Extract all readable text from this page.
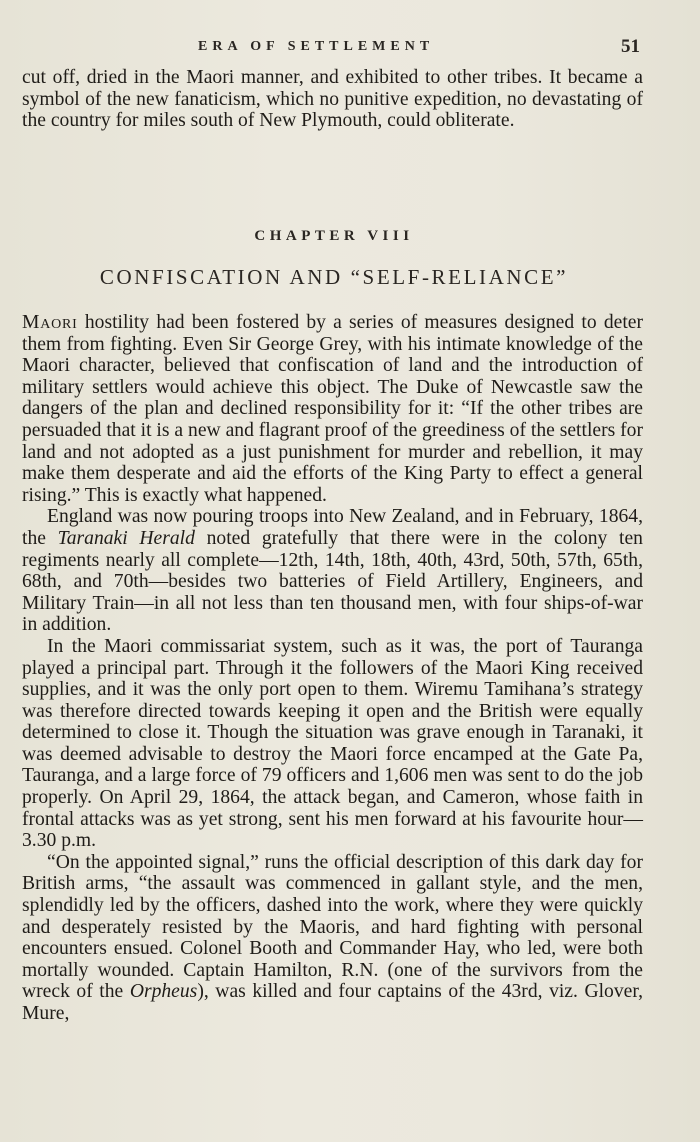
ERA OF SETTLEMENT	51

cut off, dried in the Maori manner, and exhibited to other tribes. It became a symbol of the new fanaticism, which no punitive expedition, no devastating of the country for miles south of New Plymouth, could obliterate.

CHAPTER VIII
CONFISCATION AND “SELF-RELIANCE”

Maori hostility had been fostered by a series of measures designed to deter them from fighting. Even Sir George Grey, with his intimate knowledge of the Maori character, believed that confiscation of land and the introduction of military settlers would achieve this object. The Duke of Newcastle saw the dangers of the plan and declined responsibility for it: “If the other tribes are persuaded that it is a new and flagrant proof of the greediness of the settlers for land and not adopted as a just punishment for murder and rebellion, it may make them desperate and aid the efforts of the King Party to effect a general rising.” This is exactly what happened.

England was now pouring troops into New Zealand, and in February, 1864, the Taranaki Herald noted gratefully that there were in the colony ten regiments nearly all complete—12th, 14th, 18th, 40th, 43rd, 50th, 57th, 65th, 68th, and 70th—besides two batteries of Field Artillery, Engineers, and Military Train—in all not less than ten thousand men, with four ships-of-war in addition.

In the Maori commissariat system, such as it was, the port of Tauranga played a principal part. Through it the followers of the Maori King received supplies, and it was the only port open to them. Wiremu Tamihana’s strategy was therefore directed towards keeping it open and the British were equally determined to close it. Though the situation was grave enough in Taranaki, it was deemed advisable to destroy the Maori force encamped at the Gate Pa, Tauranga, and a large force of 79 officers and 1,606 men was sent to do the job properly. On April 29, 1864, the attack began, and Cameron, whose faith in frontal attacks was as yet strong, sent his men forward at his favourite hour—3.30 p.m.

“On the appointed signal,” runs the official description of this dark day for British arms, “the assault was commenced in gallant style, and the men, splendidly led by the officers, dashed into the work, where they were quickly and desperately resisted by the Maoris, and hard fighting with personal encounters ensued. Colonel Booth and Commander Hay, who led, were both mortally wounded. Captain Hamilton, R.N. (one of the survivors from the wreck of the Orpheus), was killed and four captains of the 43rd, viz. Glover, Mure,
